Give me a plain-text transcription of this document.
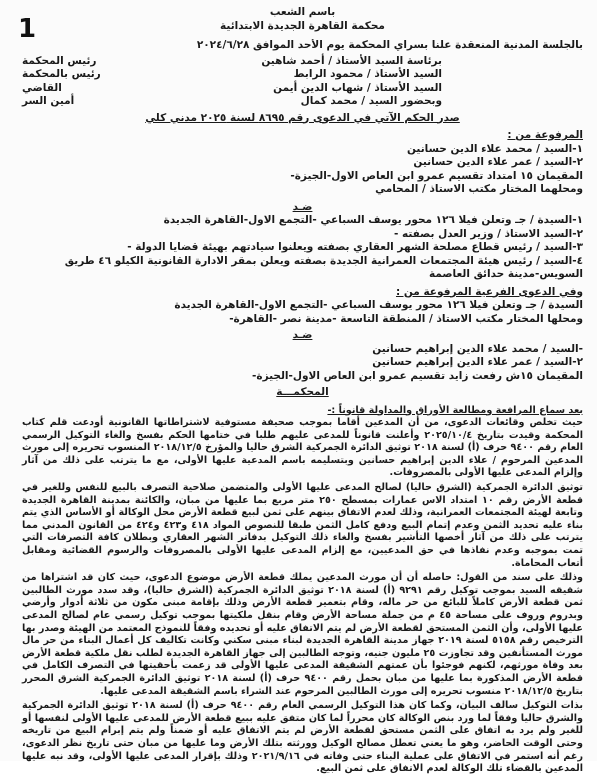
1

باسم الشعب

محكمة القاهرة الجديدة الابتدائية

بالجلسة المدنية المنعقدة علنا بسراي المحكمة يوم الأحد الموافق ٢٠٢٤/٦/٢٨

برئاسة السيد الأستاذ / أحمد شاهين
رئيس المحكمة
السيد الأستاذ / محمود الرابط
رئيس بالمحكمة
السيد الأستاذ / شهاب الدين أيمن
القاضي
وبحضور السيد / محمد كمال
أمين السر

صدر الحكم الآتي في الدعوى رقم ٨٦٩٥ لسنة ٢٠٢٥ مدني كلي

المرفوعة من :

١-السيد / محمد علاء الدين حسانين

٢-السيد / عمر علاء الدين حسانين

المقيمان ١٥ امتداد تقسيم عمرو ابن العاص الاول-الجيزة-

ومحلهما المختار مكتب الاستاذ / المحامي

ضـد

١-السيدة / جـ وتعلن فيلا ١٢٦ محور يوسف السباعي -التجمع الاول-القاهرة الجديدة

٢-السيد الاستاذ / وزير العدل بصفته -

٣-السيد / رئيس قطاع مصلحة الشهر العقاري بصفته ويعلنوا سيادتهم بهيئة قضايا الدولة -

٤-السيد / رئيس هيئة المجتمعات العمرانية الجديدة بصفته ويعلن بمقر الادارة القانونية الكيلو ٤٦ طريق السويس-مدينة حدائق العاصمة

وفي الدعوى الفرعية المرفوعة من :

السيدة / جـ وتعلن فيلا ١٢٦ محور يوسف السباعي -التجمع الاول-القاهرة الجديدة

ومحلها المختار مكتب الاستاذ / المنطقة التاسعة -مدينة نصر -القاهرة-

ضـد

-السيد / محمد علاء الدين إبراهيم حسانين

٢-السيد / عمر علاء الدين إبراهيم حسانين

المقيمان ١٥ش رفعت زايد تقسيم عمرو ابن العاص الاول-الجيزة-

المحكمـــة

بعد سماع المرافعة ومطالعة الأوراق والمداولة قانوناً :-

حيث تخلص وقائعات الدعوى، من أن المدعين أقاما بموجب صحيفة مستوفية لاشتراطاتها القانونية أودعت قلم كتاب المحكمة وقيدت بتاريخ ٢٠٢٥/١٠/٤ وأعلنت قانوناً للمدعى عليهم طلبا في ختامها الحكم بفسخ والغاء التوكيل الرسمي العام رقم ٩٤٠٠ حرف (أ) لسنة ٢٠١٨ توثيق الدائرة الجمركية الشرق حاليا والمؤرخ ٢٠١٨/١٢/٥ المنسوب تحريره إلى مورث المدعين المرحوم / علاء الدين إبراهيم حسانين وبتسليمه باسم المدعية عليها الأولى، مع ما يترتب على ذلك من آثار وإلزام المدعى عليها الأولى بالمصروفات.

توثيق الدائرة الجمركية (الشرق حاليا) لصالح المدعى عليها الأولى والمتضمن صلاحية التصرف بالبيع للنفس وللغير في قطعة الأرض رقم ١٠ امتداد الاس عمارات بمسطح ٢٥٠ متر مربع بما عليها من مبان، والكائنة بمدينة القاهرة الجديدة وتابعة لهيئة المجتمعات العمرانية، وذلك لعدم الاتفاق بينهم على ثمن لبيع قطعة الأرض محل الوكالة أو الأساس الذي يتم بناء عليه تحديد الثمن وعدم إتمام البيع ودفع كامل الثمن طبقا للنصوص المواد ٤١٨ و٤٢٣ و٤٢٤ من القانون المدني مما يترتب على ذلك من آثار أخصها التأشير بفسخ والغاء ذلك التوكيل بدفاتر الشهر العقاري وبطلان كافة التصرفات التي تمت بموجبه وعدم نفاذها في حق المدعيين، مع إلزام المدعى عليها الأولى بالمصروفات والرسوم القضائية ومقابل أتعاب المحاماة.

وذلك على سند من القول: حاصله أن أن مورث المدعين يملك قطعة الأرض موضوع الدعوى، حيث كان قد اشتراها من شقيقه السيد بموجب توكيل رقم ٩٢٩١ (أ) لسنة ٢٠١٨ توثيق الدائرة الجمركية (الشرق حاليا)، وقد سدد مورث الطالبين ثمن قطعة الأرض كاملاً للبائع من حر ماله، وقام بتعمير قطعة الأرض وذلك بإقامة مبنى مكون من ثلاثة أدوار وأرضي وبدروم وروف على مساحة ٤٥ م من جملة مساحة الأرض وقام بنقل ملكيتها بموجب توكيل رسمي عام لصالح المدعى عليها الأولى، وأن الثمن المستحق لقطعة الأرض لم يتم الاتفاق عليه أو تحديده وفقاً للنموذج المعتمد من الهيئة وصدر بها الترخيص رقم ٥١٥٨ لسنة ٢٠١٩ جهاز مدينة القاهرة الجديدة لبناء مبنى سكني وكانت تكاليف كل أعمال البناء من حر مال مورث المستأنفين وقد تجاوزت ٢٥ مليون جنيه، وتوجه الطالبين إلى جهاز القاهرة الجديدة لطلب نقل ملكية قطعة الأرض بعد وفاة مورثهم، لكنهم فوجئوا بأن عمتهم الشقيقة المدعى عليها الأولى قد زعمت بأحقيتها في التصرف الكامل في قطعة الأرض المذكورة بما عليها من مبان بحمل رقم ٩٤٠٠ حرف (أ) لسنة ٢٠١٨ توثيق الدائرة الجمركية الشرق المحرر بتاريخ ٢٠١٨/١٢/٥ منسوب تحريره إلى مورث الطالبين المرحوم عند الشراء باسم الشقيقة المدعى عليها.

بذات التوكيل سالف البيان، وكما كان هذا التوكيل الرسمي العام رقم ٩٤٠٠ حرف (أ) لسنة ٢٠١٨ توثيق الدائرة الجمركية والشرق حاليا وفقاً لما ورد بنص الوكالة كان محرراً لما كان متفق عليه ببيع قطعة الأرض للمدعى عليها الأولى لنفسها أو للغير ولم يرد به اتفاق على الثمن مستحق لقطعة الأرض لم يتم الاتفاق عليه أو ضمناً ولم يتم إبرام البيع من تاريخه وحتى الوقت الحاضر، وهو ما يعني تعطل مصالح الوكيل وورثته بتلك الأرض وما عليها من مبان حتى تاريخ نظر الدعوى، رغم أنه استمر في الاتفاق على عملية البناء حتى وفاته في ٢٠٢١/٩/١٦ وذلك بإقرار المدعى عليها الأولى، وقد نبه عليها المدعين بالقضاء تلك الوكالة لعدم الاتفاق على ثمن البيع.
